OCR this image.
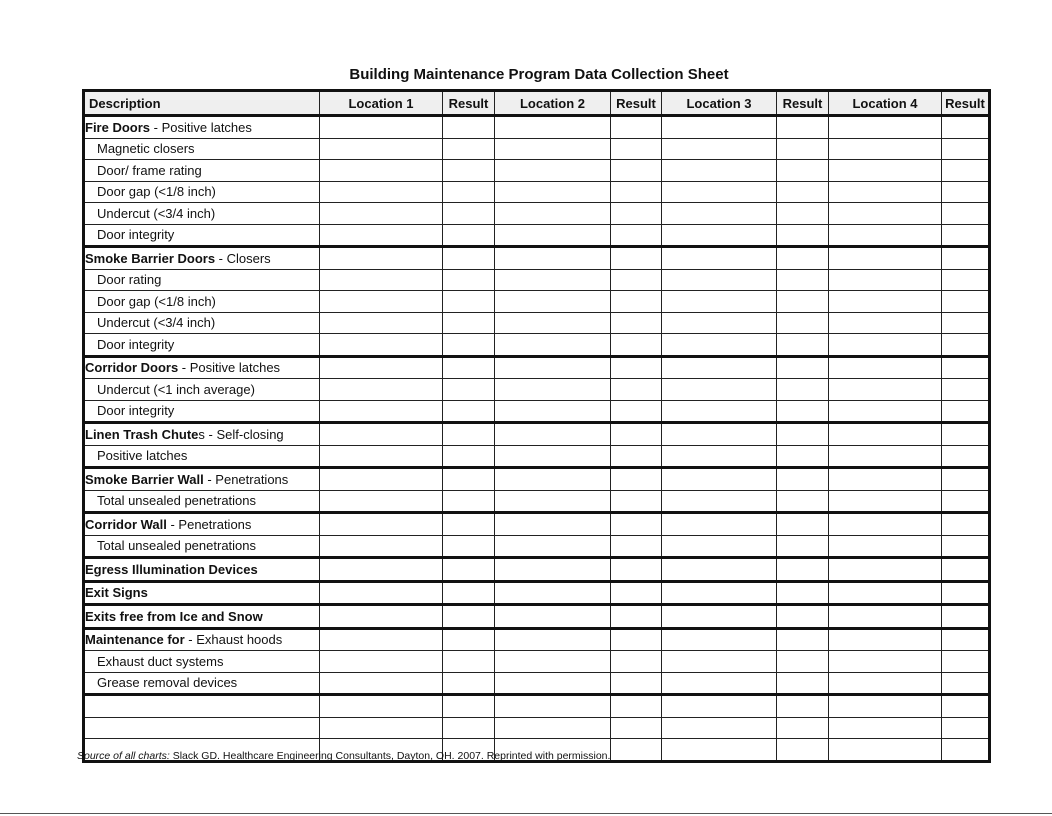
Building Maintenance Program Data Collection Sheet
Description	Location 1	Result	Location 2	Result	Location 3	Result	Location 4	Result
Fire Doors - Positive latches								
Magnetic closers								
Door/ frame rating								
Door gap (<1/8 inch)								
Undercut (<3/4 inch)								
Door integrity								
Smoke Barrier Doors - Closers								
Door rating								
Door gap (<1/8 inch)								
Undercut (<3/4 inch)								
Door integrity								
Corridor Doors - Positive latches								
Undercut (<1 inch average)								
Door integrity								
Linen Trash Chutes - Self-closing								
Positive latches								
Smoke Barrier Wall - Penetrations								
Total unsealed penetrations								
Corridor Wall - Penetrations								
Total unsealed penetrations								
Egress Illumination Devices								
Exit Signs								
Exits free from Ice and Snow								
Maintenance for - Exhaust hoods								
Exhaust duct systems								
Grease removal devices								

Source of all charts: Slack GD. Healthcare Engineering Consultants, Dayton, OH. 2007. Reprinted with permission.
